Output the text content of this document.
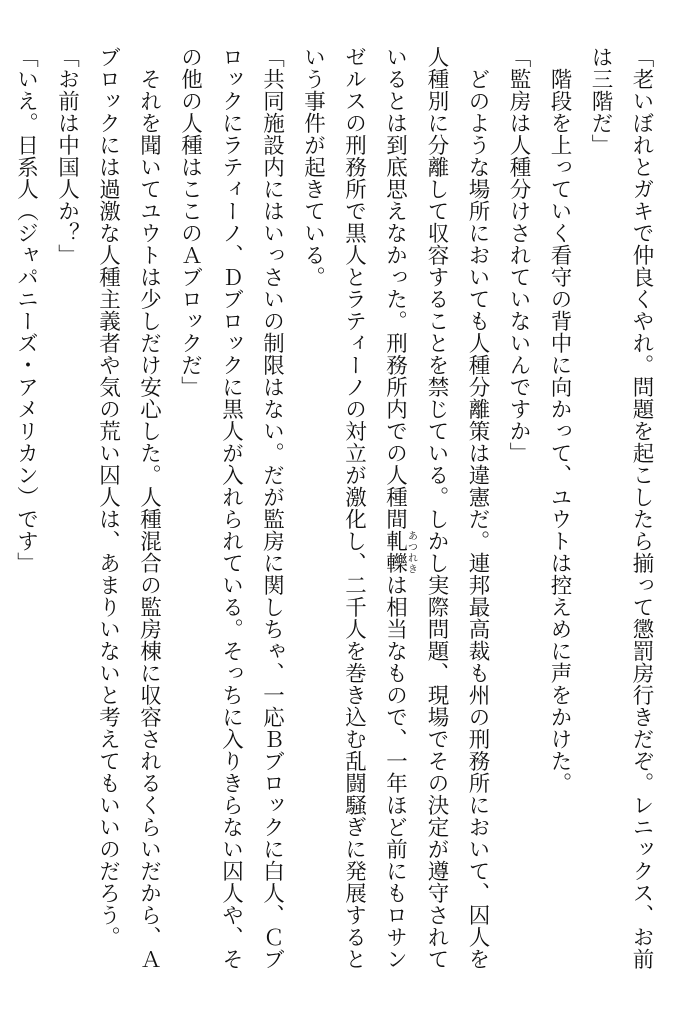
「老いぼれとガキで仲良くやれ。問題を起こしたら揃って懲罰房行きだぞ。レニックス、お前

は三階だ」

　階段を上っていく看守の背中に向かって、ユウトは控えめに声をかけた。

「監房は人種分けされていないんですか」

　どのような場所においても人種分離策は違憲だ。連邦最高裁も州の刑務所において、囚人を

人種別に分離して収容することを禁じている。しかし実際問題、現場でその決定が遵守されて

いるとは到底思えなかった。刑務所内での人種間軋轢あつれきは相当なもので、一年ほど前にもロサン

ゼルスの刑務所で黒人とラティーノの対立が激化し、二千人を巻き込む乱闘騒ぎに発展すると

いう事件が起きている。

「共同施設内にはいっさいの制限はない。だが監房に関しちゃ、一応Ｂブロックに白人、Ｃブ

ロックにラティーノ、Ｄブロックに黒人が入れられている。そっちに入りきらない囚人や、そ

の他の人種はここのＡブロックだ」

　それを聞いてユウトは少しだけ安心した。人種混合の監房棟に収容されるくらいだから、Ａ

ブロックには過激な人種主義者や気の荒い囚人は、あまりいないと考えてもいいのだろう。

「お前は中国人か？」

「いえ。日系人（ジャパニーズ・アメリカン）です」
